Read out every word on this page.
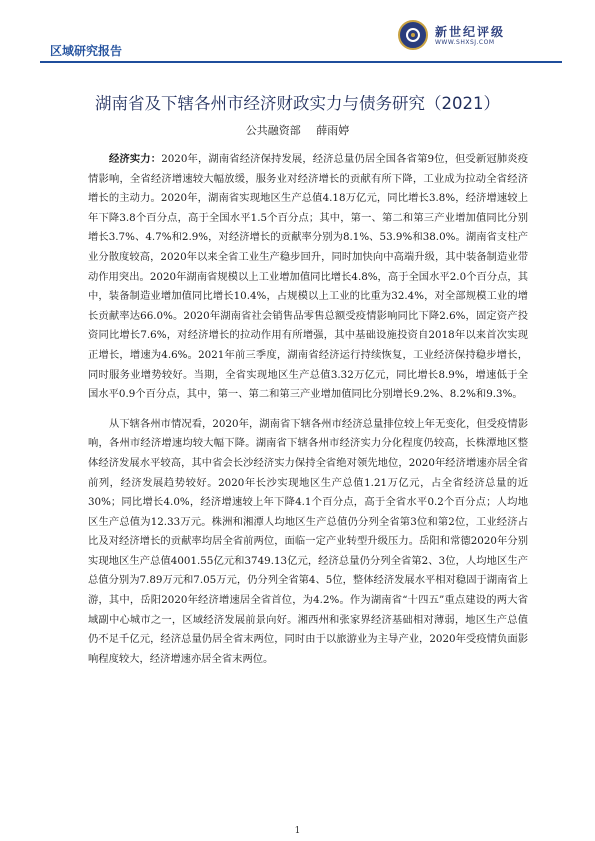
区域研究报告
新世纪评级
WWW.SHXSJ.COM
湖南省及下辖各州市经济财政实力与债务研究（2021）
公共融资部 薛雨婷

经济实力：2020年，湖南省经济保持发展，经济总量仍居全国各省第9位，但受新冠肺炎疫情影响，全省经济增速较大幅放缓，服务业对经济增长的贡献有所下降，工业成为拉动全省经济增长的主动力。2020年，湖南省实现地区生产总值4.18万亿元，同比增长3.8%，经济增速较上年下降3.8个百分点，高于全国水平1.5个百分点；其中，第一、第二和第三产业增加值同比分别增长3.7%、4.7%和2.9%，对经济增长的贡献率分别为8.1%、53.9%和38.0%。湖南省支柱产业分散度较高，2020年以来全省工业生产稳步回升，同时加快向中高端升级，其中装备制造业带动作用突出。2020年湖南省规模以上工业增加值同比增长4.8%，高于全国水平2.0个百分点，其中，装备制造业增加值同比增长10.4%，占规模以上工业的比重为32.4%，对全部规模工业的增长贡献率达66.0%。2020年湖南省社会销售品零售总额受疫情影响同比下降2.6%，固定资产投资同比增长7.6%，对经济增长的拉动作用有所增强，其中基础设施投资自2018年以来首次实现正增长，增速为4.6%。2021年前三季度，湖南省经济运行持续恢复，工业经济保持稳步增长，同时服务业增势较好。当期，全省实现地区生产总值3.32万亿元，同比增长8.9%，增速低于全国水平0.9个百分点，其中，第一、第二和第三产业增加值同比分别增长9.2%、8.2%和9.3%。

从下辖各州市情况看，2020年，湖南省下辖各州市经济总量排位较上年无变化，但受疫情影响，各州市经济增速均较大幅下降。湖南省下辖各州市经济实力分化程度仍较高，长株潭地区整体经济发展水平较高，其中省会长沙经济实力保持全省绝对领先地位，2020年经济增速亦居全省前列，经济发展趋势较好。2020年长沙实现地区生产总值1.21万亿元，占全省经济总量的近30%；同比增长4.0%，经济增速较上年下降4.1个百分点，高于全省水平0.2个百分点；人均地区生产总值为12.33万元。株洲和湘潭人均地区生产总值仍分列全省第3位和第2位，工业经济占比及对经济增长的贡献率均居全省前两位，面临一定产业转型升级压力。岳阳和常德2020年分别实现地区生产总值4001.55亿元和3749.13亿元，经济总量仍分列全省第2、3位，人均地区生产总值分别为7.89万元和7.05万元，仍分列全省第4、5位，整体经济发展水平相对稳固于湖南省上游，其中，岳阳2020年经济增速居全省首位，为4.2%。作为湖南省“十四五”重点建设的两大省域副中心城市之一，区域经济发展前景向好。湘西州和张家界经济基础相对薄弱，地区生产总值仍不足千亿元，经济总量仍居全省末两位，同时由于以旅游业为主导产业，2020年受疫情负面影响程度较大，经济增速亦居全省末两位。

1
